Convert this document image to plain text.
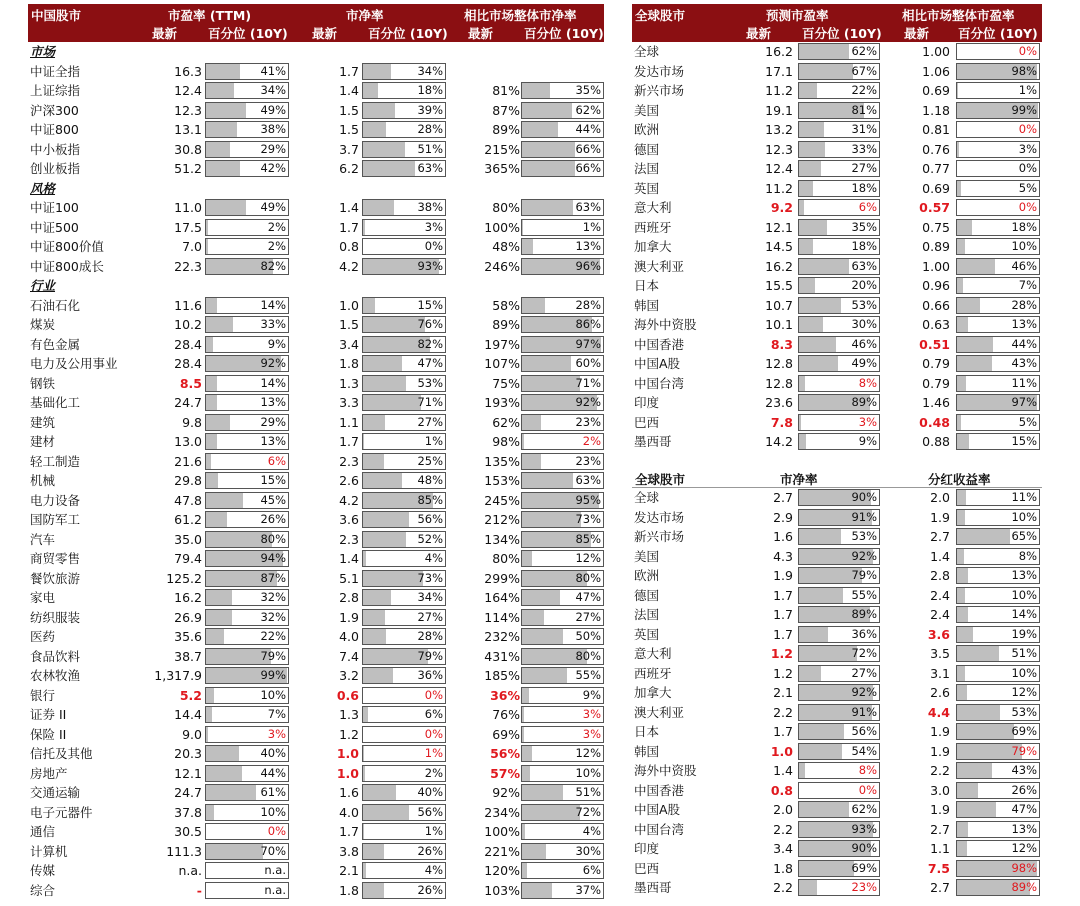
中国股市	市盈率 (TTM)	市净率	相比市场整体市净率
最新 百分位 (10Y) 最新 百分位 (10Y) 最新 百分位 (10Y)
市场
中证全指	16.3	41%	1.7	34%
上证综指	12.4	34%	1.4	18%	81%	35%
沪深300	12.3	49%	1.5	39%	87%	62%
中证800	13.1	38%	1.5	28%	89%	44%
中小板指	30.8	29%	3.7	51%	215%	66%
创业板指	51.2	42%	6.2	63%	365%	66%
风格
中证100	11.0	49%	1.4	38%	80%	63%
中证500	17.5	2%	1.7	3%	100%	1%
中证800价值	7.0	2%	0.8	0%	48%	13%
中证800成长	22.3	82%	4.2	93%	246%	96%
行业
石油石化	11.6	14%	1.0	15%	58%	28%
煤炭	10.2	33%	1.5	76%	89%	86%
有色金属	28.4	9%	3.4	82%	197%	97%
电力及公用事业	28.4	92%	1.8	47%	107%	60%
钢铁	8.5	14%	1.3	53%	75%	71%
基础化工	24.7	13%	3.3	71%	193%	92%
建筑	9.8	29%	1.1	27%	62%	23%
建材	13.0	13%	1.7	1%	98%	2%
轻工制造	21.6	6%	2.3	25%	135%	23%
机械	29.8	15%	2.6	48%	153%	63%
电力设备	47.8	45%	4.2	85%	245%	95%
国防军工	61.2	26%	3.6	56%	212%	73%
汽车	35.0	80%	2.3	52%	134%	85%
商贸零售	79.4	94%	1.4	4%	80%	12%
餐饮旅游	125.2	87%	5.1	73%	299%	80%
家电	16.2	32%	2.8	34%	164%	47%
纺织服装	26.9	32%	1.9	27%	114%	27%
医药	35.6	22%	4.0	28%	232%	50%
食品饮料	38.7	79%	7.4	79%	431%	80%
农林牧渔	1,317.9	99%	3.2	36%	185%	55%
银行	5.2	10%	0.6	0%	36%	9%
证券 II	14.4	7%	1.3	6%	76%	3%
保险 II	9.0	3%	1.2	0%	69%	3%
信托及其他	20.3	40%	1.0	1%	56%	12%
房地产	12.1	44%	1.0	2%	57%	10%
交通运输	24.7	61%	1.6	40%	92%	51%
电子元器件	37.8	10%	4.0	56%	234%	72%
通信	30.5	0%	1.7	1%	100%	4%
计算机	111.3	70%	3.8	26%	221%	30%
传媒	n.a.	n.a.	2.1	4%	120%	6%
综合	-	n.a.	1.8	26%	103%	37%
全球股市	预测市盈率	相比市场整体市盈率
最新 百分位 (10Y) 最新 百分位 (10Y)
全球	16.2	62%	1.00	0%
发达市场	17.1	67%	1.06	98%
新兴市场	11.2	22%	0.69	1%
美国	19.1	81%	1.18	99%
欧洲	13.2	31%	0.81	0%
德国	12.3	33%	0.76	3%
法国	12.4	27%	0.77	0%
英国	11.2	18%	0.69	5%
意大利	9.2	6%	0.57	0%
西班牙	12.1	35%	0.75	18%
加拿大	14.5	18%	0.89	10%
澳大利亚	16.2	63%	1.00	46%
日本	15.5	20%	0.96	7%
韩国	10.7	53%	0.66	28%
海外中资股	10.1	30%	0.63	13%
中国香港	8.3	46%	0.51	44%
中国A股	12.8	49%	0.79	43%
中国台湾	12.8	8%	0.79	11%
印度	23.6	89%	1.46	97%
巴西	7.8	3%	0.48	5%
墨西哥	14.2	9%	0.88	15%
全球股市	市净率	分红收益率
全球	2.7	90%	2.0	11%
发达市场	2.9	91%	1.9	10%
新兴市场	1.6	53%	2.7	65%
美国	4.3	92%	1.4	8%
欧洲	1.9	79%	2.8	13%
德国	1.7	55%	2.4	10%
法国	1.7	89%	2.4	14%
英国	1.7	36%	3.6	19%
意大利	1.2	72%	3.5	51%
西班牙	1.2	27%	3.1	10%
加拿大	2.1	92%	2.6	12%
澳大利亚	2.2	91%	4.4	53%
日本	1.7	56%	1.9	69%
韩国	1.0	54%	1.9	79%
海外中资股	1.4	8%	2.2	43%
中国香港	0.8	0%	3.0	26%
中国A股	2.0	62%	1.9	47%
中国台湾	2.2	93%	2.7	13%
印度	3.4	90%	1.1	12%
巴西	1.8	69%	7.5	98%
墨西哥	2.2	23%	2.7	89%
